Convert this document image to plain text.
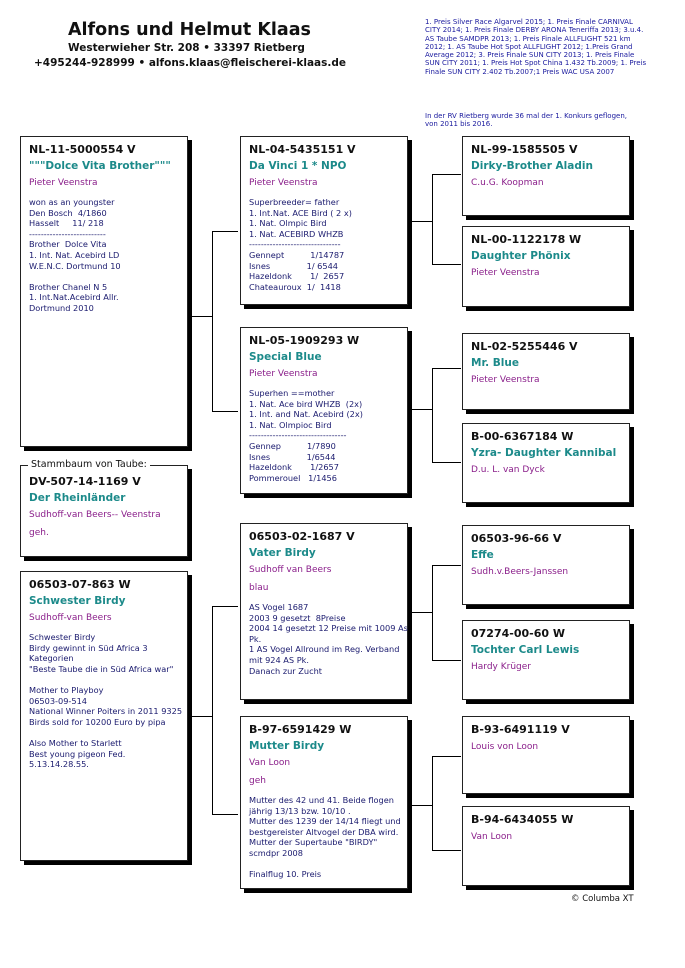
Alfons und Helmut Klaas
Westerwieher Str. 208 • 33397 Rietberg
+495244-928999 • alfons.klaas@fleischerei-klaas.de
1. Preis Silver Race Algarvel 2015; 1. Preis Finale CARNIVAL CITY 2014; 1. Preis Finale DERBY ARONA Teneriffa 2013; 3.u.4. AS Taube SAMDPR 2013; 1. Preis Finale ALLFLIGHT 521 km 2012; 1. AS Taube Hot Spot ALLFLIGHT 2012; 1.Preis Grand Average 2012; 3. Preis Finale SUN CITY 2013; 1. Preis Finale SUN CITY 2011; 1. Preis Hot Spot China 1.432 Tb.2009; 1. Preis Finale SUN CITY 2.402 Tb.2007;1 Preis WAC USA 2007
In der RV Rietberg wurde 36 mal der 1. Konkurs geflogen, von 2011 bis 2016.
NL-11-5000554 V
"""Dolce Vita Brother"""
Pieter Veenstra
won as an youngster
Den Bosch  4/1860
Hasselt     11/ 218
--------------------------
Brother  Dolce Vita
1. Int. Nat. Acebird LD
W.E.N.C. Dortmund 10

Brother Chanel N 5
1. Int.Nat.Acebird Allr.
Dortmund 2010
DV-507-14-1169 V
Der Rheinländer
Sudhoff-van Beers-- Veenstra
geh.
Stammbaum von Taube:
06503-07-863 W
Schwester Birdy
Sudhoff-van Beers
Schwester Birdy
Birdy gewinnt in Süd Africa 3
Kategorien
"Beste Taube die in Süd Africa war"

Mother to Playboy
06503-09-514
National Winner Poiters in 2011 9325
Birds sold for 10200 Euro by pipa

Also Mother to Starlett
Best young pigeon Fed.
5.13.14.28.55.
NL-04-5435151 V
Da Vinci 1 * NPO
Pieter Veenstra
Superbreeder= father
1. Int.Nat. ACE Bird ( 2 x)
1. Nat. Olmpic Bird
1. Nat. ACEBIRD WHZB
-------------------------------
Gennept          1/14787
Isnes              1/ 6544
Hazeldonk       1/  2657
Chateauroux  1/  1418
NL-05-1909293 W
Special Blue
Pieter Veenstra
Superhen ==mother
1. Nat. Ace bird WHZB  (2x)
1. Int. and Nat. Acebird (2x)
1. Nat. Olmpioc Bird
---------------------------------
Gennep          1/7890
Isnes              1/6544
Hazeldonk       1/2657
Pommerouel   1/1456
06503-02-1687 V
Vater Birdy
Sudhoff van Beers
blau
AS Vogel 1687
2003 9 gesetzt  8Preise
2004 14 gesetzt 12 Preise mit 1009 As
Pk.
1 AS Vogel Allround im Reg. Verband
mit 924 AS Pk.
Danach zur Zucht
B-97-6591429 W
Mutter Birdy
Van Loon
geh
Mutter des 42 und 41. Beide flogen
jährig 13/13 bzw. 10/10 .
Mutter des 1239 der 14/14 fliegt und
bestgereister Altvogel der DBA wird.
Mutter der Supertaube "BIRDY"
scmdpr 2008

Finalflug 10. Preis
NL-99-1585505 V
Dirky-Brother Aladin
C.u.G. Koopman
NL-00-1122178 W
Daughter Phönix
Pieter Veenstra
NL-02-5255446 V
Mr. Blue
Pieter Veenstra
B-00-6367184 W
Yzra- Daughter Kannibal
D.u. L. van Dyck
06503-96-66 V
Effe
Sudh.v.Beers-Janssen
07274-00-60 W
Tochter Carl Lewis
Hardy Krüger
B-93-6491119 V
Louis von Loon
B-94-6434055 W
Van Loon
© Columba XT
